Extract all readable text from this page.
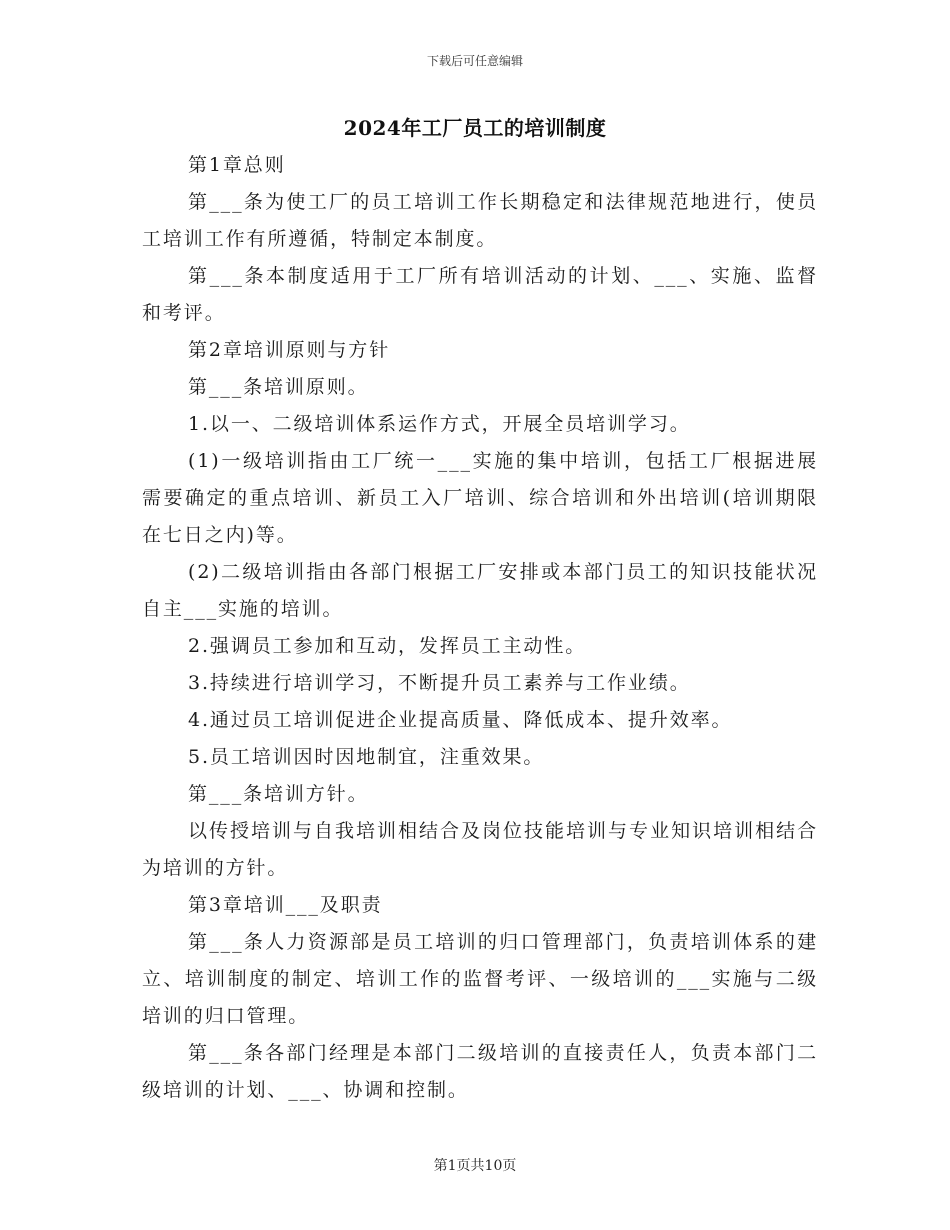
下载后可任意编辑
2024年工厂员工的培训制度

第1章总则

第___条为使工厂的员工培训工作长期稳定和法律规范地进行，使员工培训工作有所遵循，特制定本制度。

第___条本制度适用于工厂所有培训活动的计划、___、实施、监督和考评。

第2章培训原则与方针

第___条培训原则。

1.以一、二级培训体系运作方式，开展全员培训学习。

(1)一级培训指由工厂统一___实施的集中培训，包括工厂根据进展需要确定的重点培训、新员工入厂培训、综合培训和外出培训(培训期限在七日之内)等。

(2)二级培训指由各部门根据工厂安排或本部门员工的知识技能状况自主___实施的培训。

2.强调员工参加和互动，发挥员工主动性。

3.持续进行培训学习，不断提升员工素养与工作业绩。

4.通过员工培训促进企业提高质量、降低成本、提升效率。

5.员工培训因时因地制宜，注重效果。

第___条培训方针。

以传授培训与自我培训相结合及岗位技能培训与专业知识培训相结合为培训的方针。

第3章培训___及职责

第___条人力资源部是员工培训的归口管理部门，负责培训体系的建立、培训制度的制定、培训工作的监督考评、一级培训的___实施与二级培训的归口管理。

第___条各部门经理是本部门二级培训的直接责任人，负责本部门二级培训的计划、___、协调和控制。

第1页共10页
